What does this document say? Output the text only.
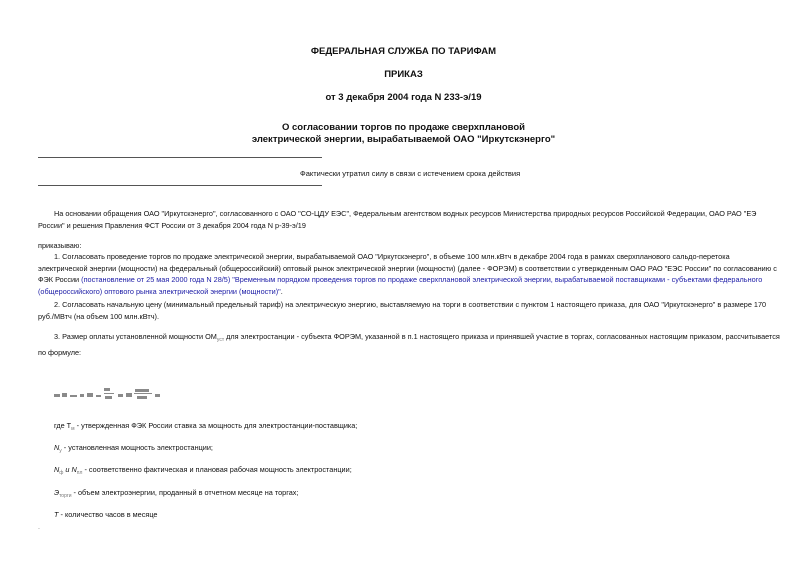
ФЕДЕРАЛЬНАЯ СЛУЖБА ПО ТАРИФАМ
ПРИКАЗ
от 3 декабря 2004 года N 233-э/19
О согласовании торгов по продаже сверхплановой
электрической энергии, вырабатываемой ОАО "Иркутскэнерго"
Фактически утратил силу в связи с истечением срока действия
На основании обращения ОАО "Иркутскэнерго", согласованного с ОАО "СО-ЦДУ ЕЭС", Федеральным агентством водных ресурсов Министерства природных ресурсов Российской Федерации, ОАО РАО "ЕЭ
России" и решения Правления ФСТ России от 3 декабря 2004 года N р-39-э/19
приказываю:
1. Согласовать проведение торгов по продаже электрической энергии, вырабатываемой ОАО "Иркутскэнерго", в объеме 100 млн.кВтч в декабре 2004 года в рамках сверхпланового сальдо-перетока
электрической энергии (мощности) на федеральный (общероссийский) оптовый рынок электрической энергии (мощности) (далее - ФОРЭМ) в соответствии с утвержденным ОАО РАО "ЕЭС России" по согласованию с
ФЭК России (постановление от 25 мая 2000 года N 28/5) "Временным порядком проведения торгов по продаже сверхплановой электрической энергии, вырабатываемой поставщиками - субъектами федерального
(общероссийского) оптового рынка электрической энергии (мощности)".
2. Согласовать начальную цену (минимальный предельный тариф) на электрическую энергию, выставляемую на торги в соответствии с пунктом 1 настоящего приказа, для ОАО "Иркутскэнерго" в размере 170
руб./МВтч (на объем 100 млн.кВтч).
3. Размер оплаты установленной мощности $ОМ_{уст}$ для электростанции - субъекта ФОРЭМ, указанной в п.1 настоящего приказа и принявшей участие в торгах, согласованных настоящим приказом, рассчитывается
по формуле:
где $Т_м$ - утвержденная ФЭК России ставка за мощность для электростанции-поставщика;
$N_у$ - установленная мощность электростанции;
$N_ф$ и $N_{пл}$ - соответственно фактическая и плановая рабочая мощность электростанции;
$Э_{торги}$ - объем электроэнергии, проданный в отчетном месяце на торгах;
Т - количество часов в месяце
.
